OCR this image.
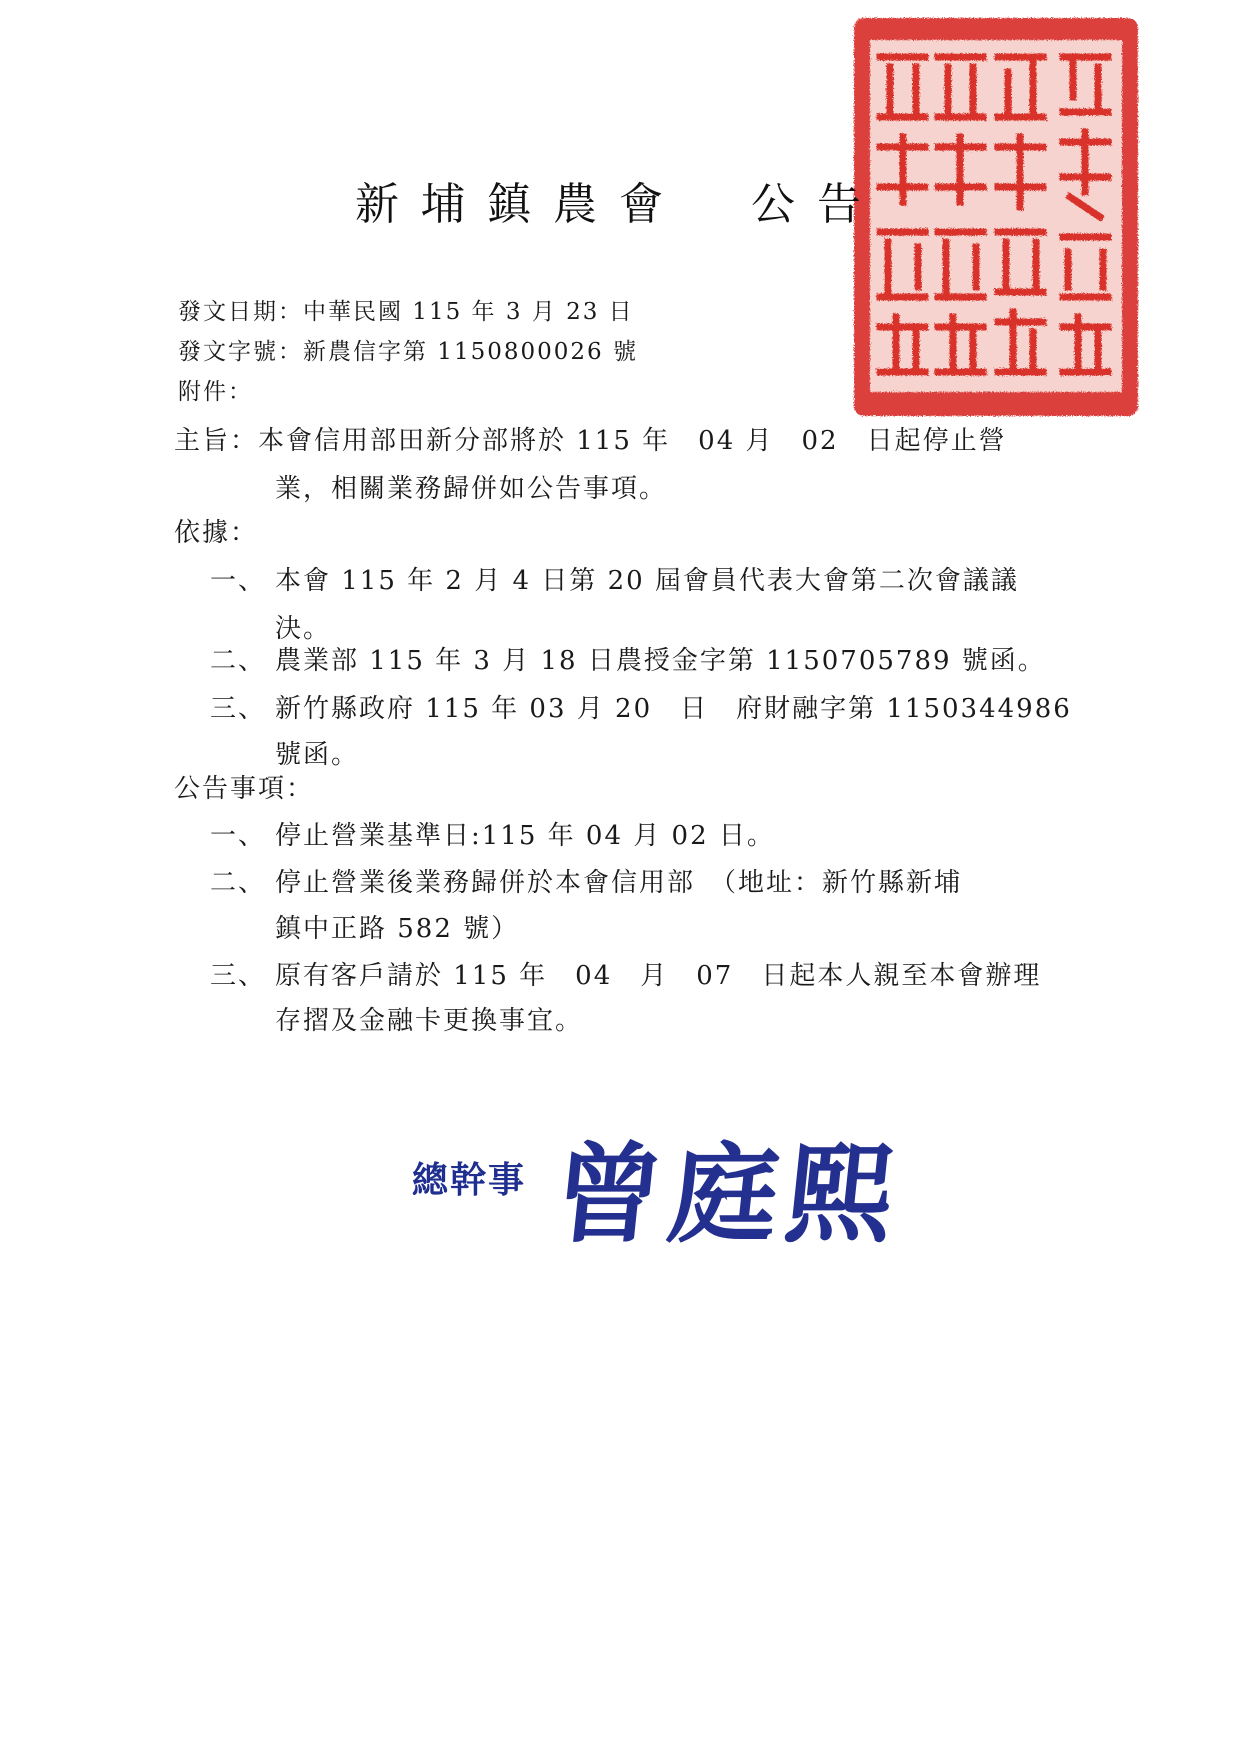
新埔鎮農會　公告
發文日期：中華民國 115 年 3 月 23 日
發文字號：新農信字第 1150800026 號
附件：
主旨：本會信用部田新分部將於 115 年　04 月　02　日起停止營
業，相關業務歸併如公告事項。
依據：
一、 本會 115 年 2 月 4 日第 20 屆會員代表大會第二次會議議
決。
二、 農業部 115 年 3 月 18 日農授金字第 1150705789 號函。
三、 新竹縣政府 115 年 03 月 20　日　府財融字第 1150344986
號函。
公告事項：
一、 停止營業基準日:115 年 04 月 02 日。
二、 停止營業後業務歸併於本會信用部　（地址：新竹縣新埔
鎮中正路 582 號）
三、 原有客戶請於 115 年　04　月　07　日起本人親至本會辦理
存摺及金融卡更換事宜。
總幹事 曾庭熙
